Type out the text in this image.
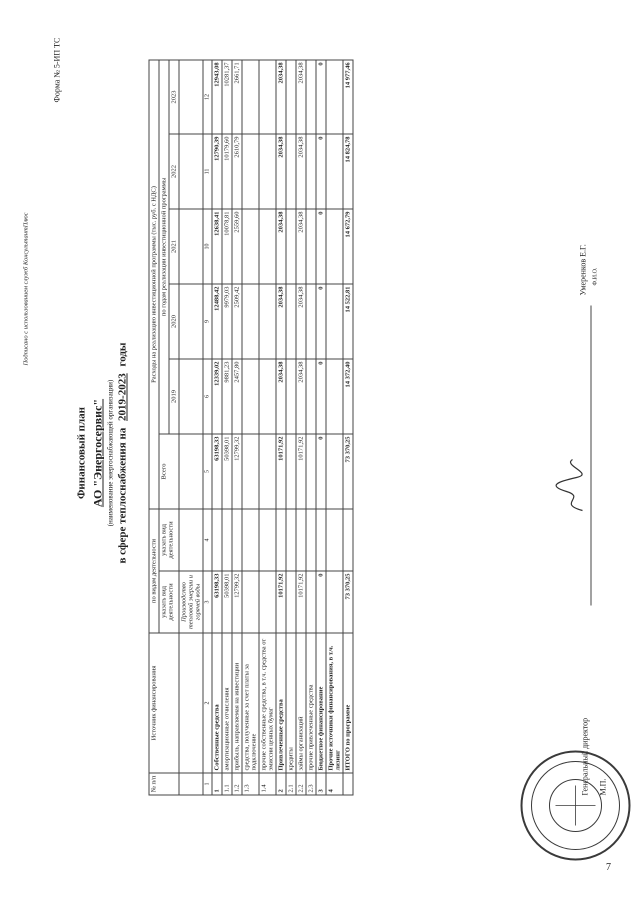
7
Подписано с использованием служб КонсультантПлюс
Форма № 5-ИП ТС
Финансовый план АО "Энергосервис" (наименование энергоснабжающей организации) в сфере теплоснабжения на 2019-2023 годы
№ п/п	Источник финансирования	по видам деятельности		Расходы на реализацию инвестиционной программы (тыс. руб. с НДС)					
		указать вид деятельности	указать вид деятельности	Всего	по годам реализации инвестиционной программы				
					2019	2020	2021	2022	2023
		Производство тепловой энергии и горячей воды							
1	2	3	4	5	6	9	10	11	12
1	Собственные средства	63198,33		63198,33	12339,02	12488,42	12638,41	12790,39	12943,08
1.1	амортизационные отчисления	50398,01		50398,01	9881,23	9979,03	10078,81	10179,60	10281,37
1.2	прибыль, направляемая на инвестиции	12799,32		12799,32	2457,80	2509,42	2559,60	2610,79	2661,71
1.3	средства, полученные за счет платы за подключение								
1.4	прочие собственные средства, в т.ч. средства от эмиссии ценных бумаг								
2	Привлеченные средства	10171,92		10171,92	2034,38	2034,38	2034,38	2034,38	2034,38
2.1	кредиты								
2.2	займы организаций	10171,92		10171,92	2034,38	2034,38	2034,38	2034,38	2034,38
2.3	прочие привлеченные средства								
3	Бюджетное финансирование	0		0	0	0	0	0	0
4	Прочие источники финансирования, в т.ч. лизинг								
	ИТОГО по программе	73 370,25		73 370,25	14 372,40	14 522,81	14 672,79	14 824,78	14 977,46
Генеральный директор
Умеренков Е.Г. Ф.И.О.
М.П.
